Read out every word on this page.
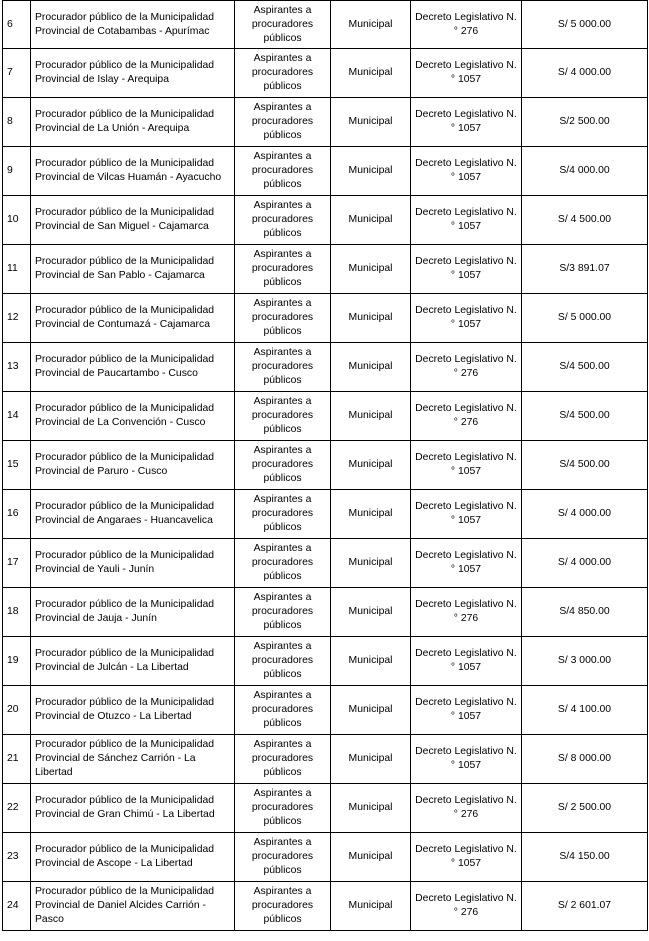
6	Procurador público de la Municipalidad Provincial de Cotabambas - Apurímac	Aspirantes a procuradores públicos	Municipal	Decreto Legislativo N.° 276	S/ 5 000.00
7	Procurador público de la Municipalidad Provincial de Islay - Arequipa	Aspirantes a procuradores públicos	Municipal	Decreto Legislativo N.° 1057	S/ 4 000.00
8	Procurador público de la Municipalidad Provincial de La Unión - Arequipa	Aspirantes a procuradores públicos	Municipal	Decreto Legislativo N.° 1057	S/2 500.00
9	Procurador público de la Municipalidad Provincial de Vilcas Huamán - Ayacucho	Aspirantes a procuradores públicos	Municipal	Decreto Legislativo N.° 1057	S/4 000.00
10	Procurador público de la Municipalidad Provincial de San Miguel - Cajamarca	Aspirantes a procuradores públicos	Municipal	Decreto Legislativo N.° 1057	S/ 4 500.00
11	Procurador público de la Municipalidad Provincial de San Pablo - Cajamarca	Aspirantes a procuradores públicos	Municipal	Decreto Legislativo N.° 1057	S/3 891.07
12	Procurador público de la Municipalidad Provincial de Contumazá - Cajamarca	Aspirantes a procuradores públicos	Municipal	Decreto Legislativo N.° 1057	S/ 5 000.00
13	Procurador público de la Municipalidad Provincial de Paucartambo - Cusco	Aspirantes a procuradores públicos	Municipal	Decreto Legislativo N.° 276	S/4 500.00
14	Procurador público de la Municipalidad Provincial de La Convención - Cusco	Aspirantes a procuradores públicos	Municipal	Decreto Legislativo N.° 276	S/4 500.00
15	Procurador público de la Municipalidad Provincial de Paruro - Cusco	Aspirantes a procuradores públicos	Municipal	Decreto Legislativo N.° 1057	S/4 500.00
16	Procurador público de la Municipalidad Provincial de Angaraes - Huancavelica	Aspirantes a procuradores públicos	Municipal	Decreto Legislativo N.° 1057	S/ 4 000.00
17	Procurador público de la Municipalidad Provincial de Yauli - Junín	Aspirantes a procuradores públicos	Municipal	Decreto Legislativo N.° 1057	S/ 4 000.00
18	Procurador público de la Municipalidad Provincial de Jauja - Junín	Aspirantes a procuradores públicos	Municipal	Decreto Legislativo N.° 276	S/4 850.00
19	Procurador público de la Municipalidad Provincial de Julcán - La Libertad	Aspirantes a procuradores públicos	Municipal	Decreto Legislativo N.° 1057	S/ 3 000.00
20	Procurador público de la Municipalidad Provincial de Otuzco - La Libertad	Aspirantes a procuradores públicos	Municipal	Decreto Legislativo N.° 1057	S/ 4 100.00
21	Procurador público de la Municipalidad Provincial de Sánchez Carrión - La Libertad	Aspirantes a procuradores públicos	Municipal	Decreto Legislativo N.° 1057	S/ 8 000.00
22	Procurador público de la Municipalidad Provincial de Gran Chimú - La Libertad	Aspirantes a procuradores públicos	Municipal	Decreto Legislativo N.° 276	S/ 2 500.00
23	Procurador público de la Municipalidad Provincial de Ascope - La Libertad	Aspirantes a procuradores públicos	Municipal	Decreto Legislativo N.° 1057	S/4 150.00
24	Procurador público de la Municipalidad Provincial de Daniel Alcides Carrión - Pasco	Aspirantes a procuradores públicos	Municipal	Decreto Legislativo N.° 276	S/ 2 601.07
